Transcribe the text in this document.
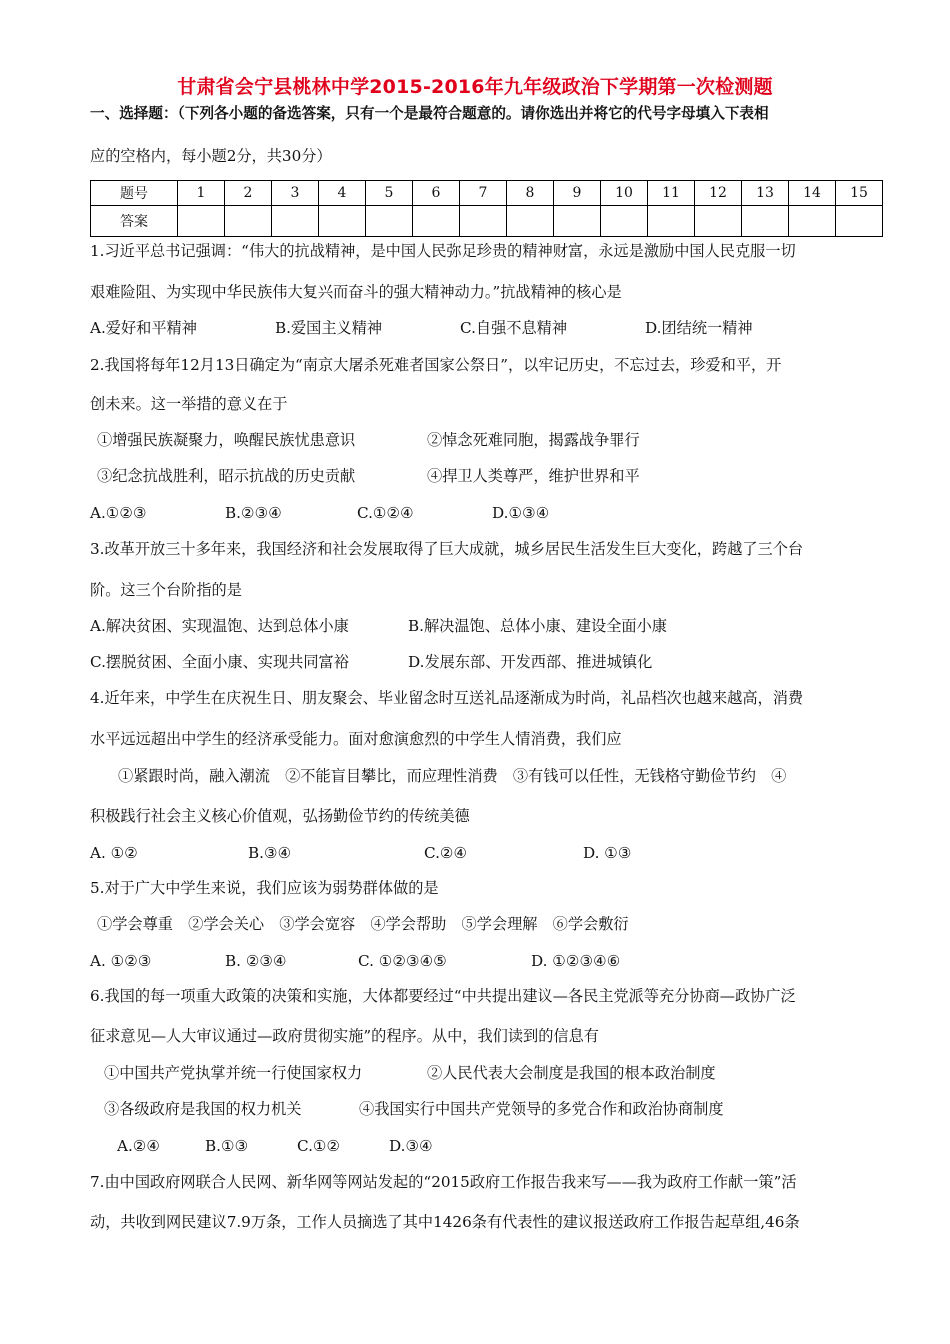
甘肃省会宁县桃林中学2015-2016年九年级政治下学期第一次检测题
一、选择题：（下列各小题的备选答案，只有一个是最符合题意的。请你选出并将它的代号字母填入下表相
应的空格内，每小题2分，共30分）
题号	1	2	3	4	5	6	7	8	9	10	11	12	13	14	15
答案															
1.习近平总书记强调：“伟大的抗战精神，是中国人民弥足珍贵的精神财富，永远是激励中国人民克服一切
艰难险阻、为实现中华民族伟大复兴而奋斗的强大精神动力。”抗战精神的核心是
A.爱好和平精神	B.爱国主义精神	C.自强不息精神	D.团结统一精神
2.我国将每年12月13日确定为“南京大屠杀死难者国家公祭日”，以牢记历史，不忘过去，珍爱和平，开
创未来。这一举措的意义在于
①增强民族凝聚力，唤醒民族忧患意识	②悼念死难同胞，揭露战争罪行
③纪念抗战胜利，昭示抗战的历史贡献	④捍卫人类尊严，维护世界和平
A.①②③	B.②③④	C.①②④	D.①③④
3.改革开放三十多年来，我国经济和社会发展取得了巨大成就，城乡居民生活发生巨大变化，跨越了三个台
阶。这三个台阶指的是
A.解决贫困、实现温饱、达到总体小康	B.解决温饱、总体小康、建设全面小康
C.摆脱贫困、全面小康、实现共同富裕	D.发展东部、开发西部、推进城镇化
4.近年来，中学生在庆祝生日、朋友聚会、毕业留念时互送礼品逐渐成为时尚，礼品档次也越来越高，消费
水平远远超出中学生的经济承受能力。面对愈演愈烈的中学生人情消费，我们应
①紧跟时尚，融入潮流　②不能盲目攀比，而应理性消费　③有钱可以任性，无钱格守勤俭节约　④
积极践行社会主义核心价值观，弘扬勤俭节约的传统美德
A. ①②	B.③④	C.②④	D. ①③
5.对于广大中学生来说，我们应该为弱势群体做的是
①学会尊重　②学会关心　③学会宽容　④学会帮助　⑤学会理解　⑥学会敷衍
A. ①②③	B. ②③④	C. ①②③④⑤	D. ①②③④⑥
6.我国的每一项重大政策的决策和实施，大体都要经过“中共提出建议—各民主党派等充分协商—政协广泛
征求意见—人大审议通过—政府贯彻实施”的程序。从中，我们读到的信息有
①中国共产党执掌并统一行使国家权力	②人民代表大会制度是我国的根本政治制度
③各级政府是我国的权力机关	④我国实行中国共产党领导的多党合作和政治协商制度
A.②④	B.①③	C.①②	D.③④
7.由中国政府网联合人民网、新华网等网站发起的“2015政府工作报告我来写——我为政府工作献一策”活
动，共收到网民建议7.9万条，工作人员摘选了其中1426条有代表性的建议报送政府工作报告起草组,46条
